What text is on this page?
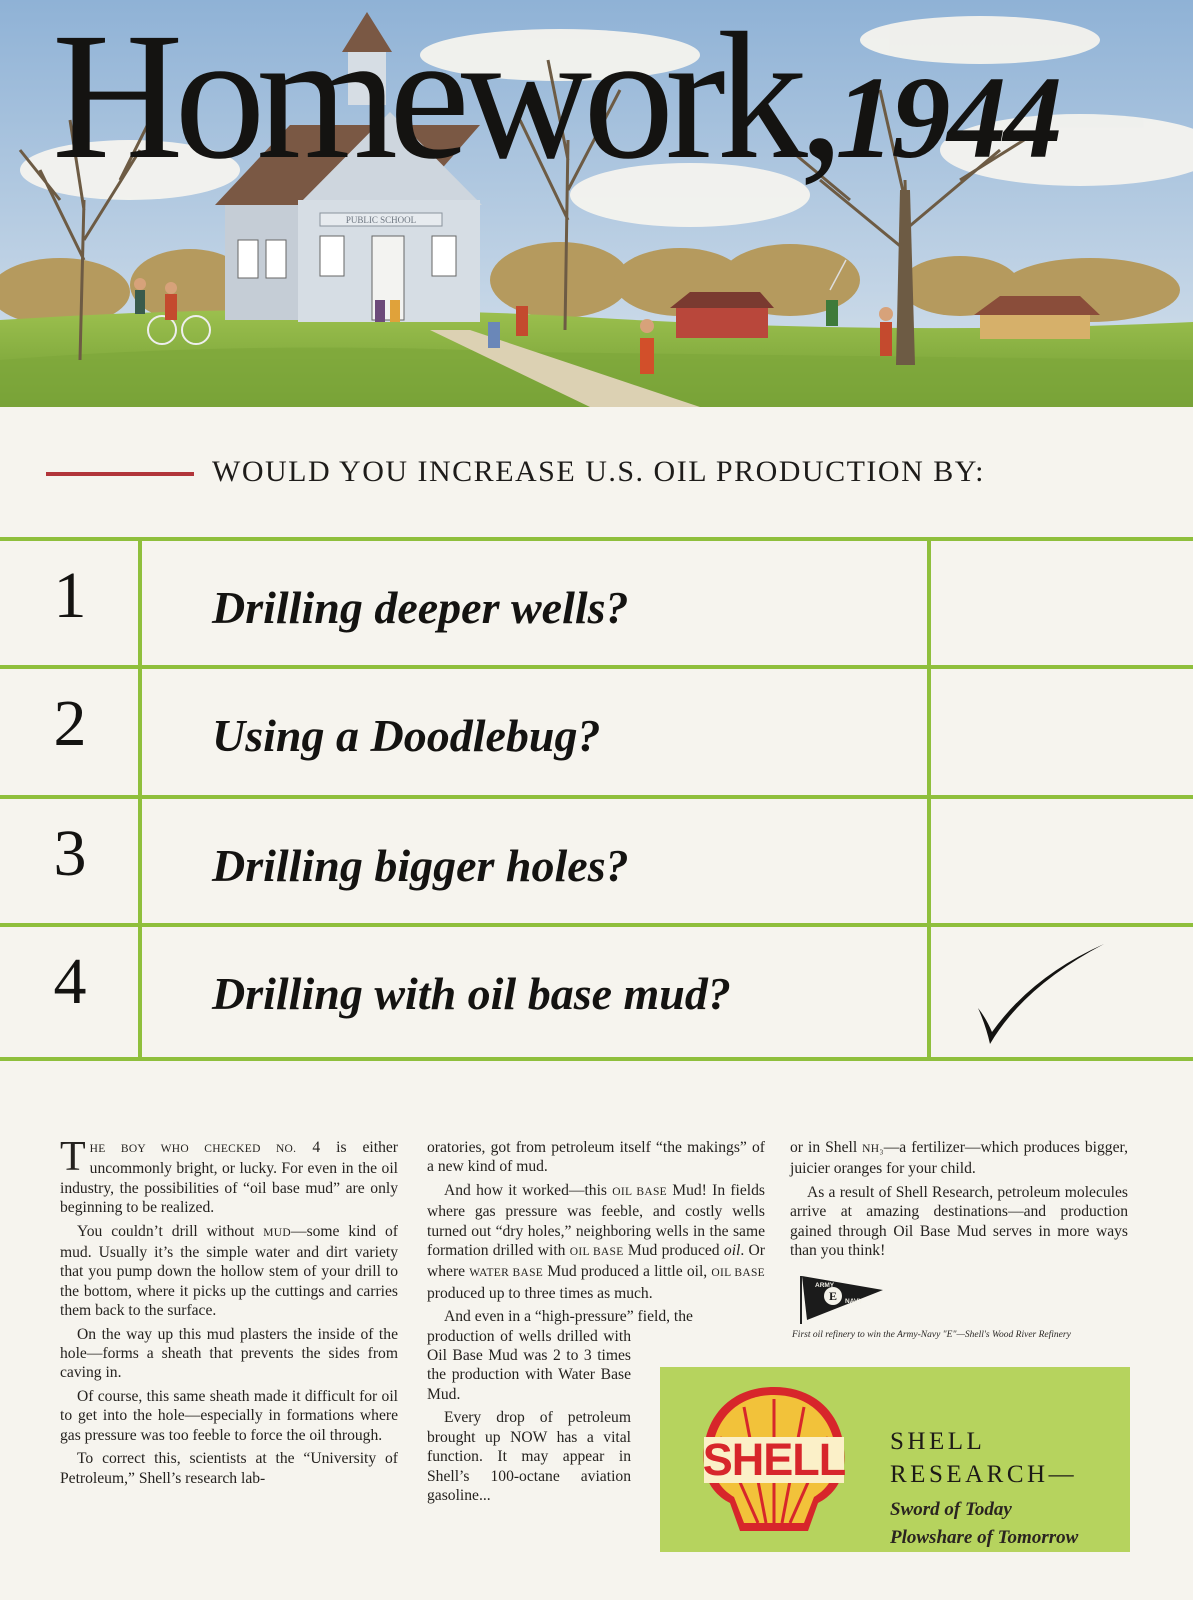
PUBLIC SCHOOL
Homework,1944
WOULD YOU INCREASE U.S. OIL PRODUCTION BY:
1	Drilling deeper wells?
2	Using a Doodlebug?
3	Drilling bigger holes?
4	Drilling with oil base mud?

THE BOY WHO CHECKED NO. 4 is either uncommonly bright, or lucky. For even in the oil industry, the possibilities of “oil base mud” are only beginning to be realized.

You couldn’t drill without MUD—some kind of mud. Usually it’s the simple water and dirt variety that you pump down the hollow stem of your drill to the bottom, where it picks up the cuttings and carries them back to the surface.

On the way up this mud plasters the inside of the hole—forms a sheath that prevents the sides from caving in.

Of course, this same sheath made it difficult for oil to get into the hole—especially in formations where gas pressure was too feeble to force the oil through.

To correct this, scientists at the “University of Petroleum,” Shell’s research lab-

oratories, got from petroleum itself “the makings” of a new kind of mud.

And how it worked—this OIL BASE Mud! In fields where gas pressure was feeble, and costly wells turned out “dry holes,” neighboring wells in the same formation drilled with OIL BASE Mud produced oil. Or where WATER BASE Mud produced a little oil, OIL BASE produced up to three times as much.

And even in a “high-pressure” field, the

production of wells drilled with Oil Base Mud was 2 to 3 times the production with Water Base Mud.

Every drop of petroleum brought up NOW has a vital function. It may appear in Shell’s 100-octane aviation gasoline...

or in Shell NH₃—a fertilizer—which produces bigger, juicier oranges for your child.

As a result of Shell Research, petroleum molecules arrive at amazing destinations—and production gained through Oil Base Mud serves in more ways than you think!

E
ARMY
NAVY
First oil refinery to win the Army-Navy "E"—Shell's Wood River Refinery
SHELL SHELL
RESEARCH—
Sword of Today
Plowshare of Tomorrow
